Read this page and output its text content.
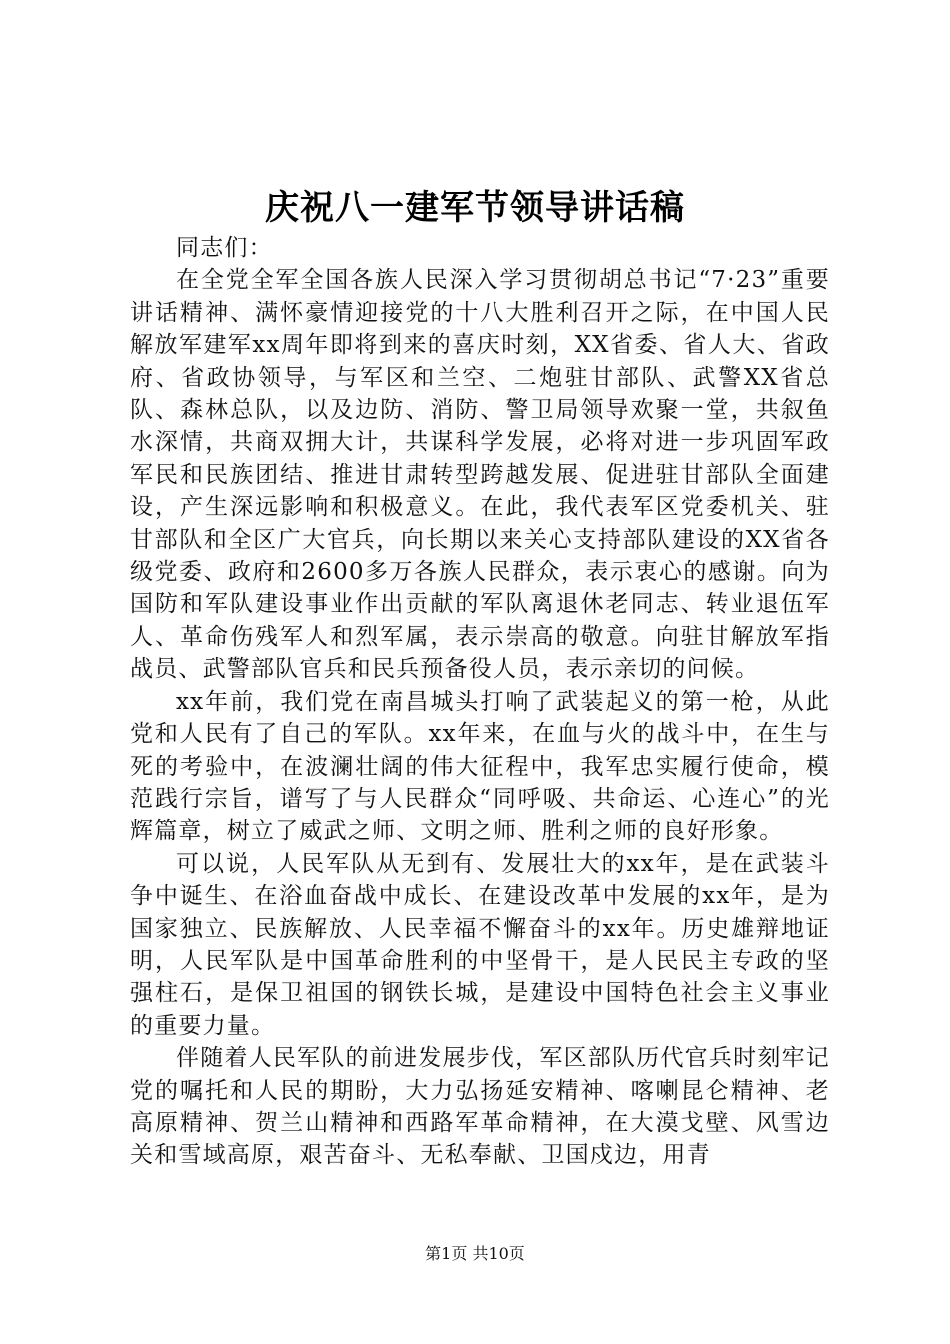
庆祝八一建军节领导讲话稿

同志们：

在全党全军全国各族人民深入学习贯彻胡总书记“7·23”重要讲话精神、满怀豪情迎接党的十八大胜利召开之际，在中国人民解放军建军xx周年即将到来的喜庆时刻，XX省委、省人大、省政府、省政协领导，与军区和兰空、二炮驻甘部队、武警XX省总队、森林总队，以及边防、消防、警卫局领导欢聚一堂，共叙鱼水深情，共商双拥大计，共谋科学发展，必将对进一步巩固军政军民和民族团结、推进甘肃转型跨越发展、促进驻甘部队全面建设，产生深远影响和积极意义。在此，我代表军区党委机关、驻甘部队和全区广大官兵，向长期以来关心支持部队建设的XX省各级党委、政府和2600多万各族人民群众，表示衷心的感谢。向为国防和军队建设事业作出贡献的军队离退休老同志、转业退伍军人、革命伤残军人和烈军属，表示崇高的敬意。向驻甘解放军指战员、武警部队官兵和民兵预备役人员，表示亲切的问候。

xx年前，我们党在南昌城头打响了武装起义的第一枪，从此党和人民有了自己的军队。xx年来，在血与火的战斗中，在生与死的考验中，在波澜壮阔的伟大征程中，我军忠实履行使命，模范践行宗旨，谱写了与人民群众“同呼吸、共命运、心连心”的光辉篇章，树立了威武之师、文明之师、胜利之师的良好形象。

可以说，人民军队从无到有、发展壮大的xx年，是在武装斗争中诞生、在浴血奋战中成长、在建设改革中发展的xx年，是为国家独立、民族解放、人民幸福不懈奋斗的xx年。历史雄辩地证明，人民军队是中国革命胜利的中坚骨干，是人民民主专政的坚强柱石，是保卫祖国的钢铁长城，是建设中国特色社会主义事业的重要力量。

伴随着人民军队的前进发展步伐，军区部队历代官兵时刻牢记党的嘱托和人民的期盼，大力弘扬延安精神、喀喇昆仑精神、老高原精神、贺兰山精神和西路军革命精神，在大漠戈壁、风雪边关和雪域高原，艰苦奋斗、无私奉献、卫国戍边，用青

第1页 共10页
